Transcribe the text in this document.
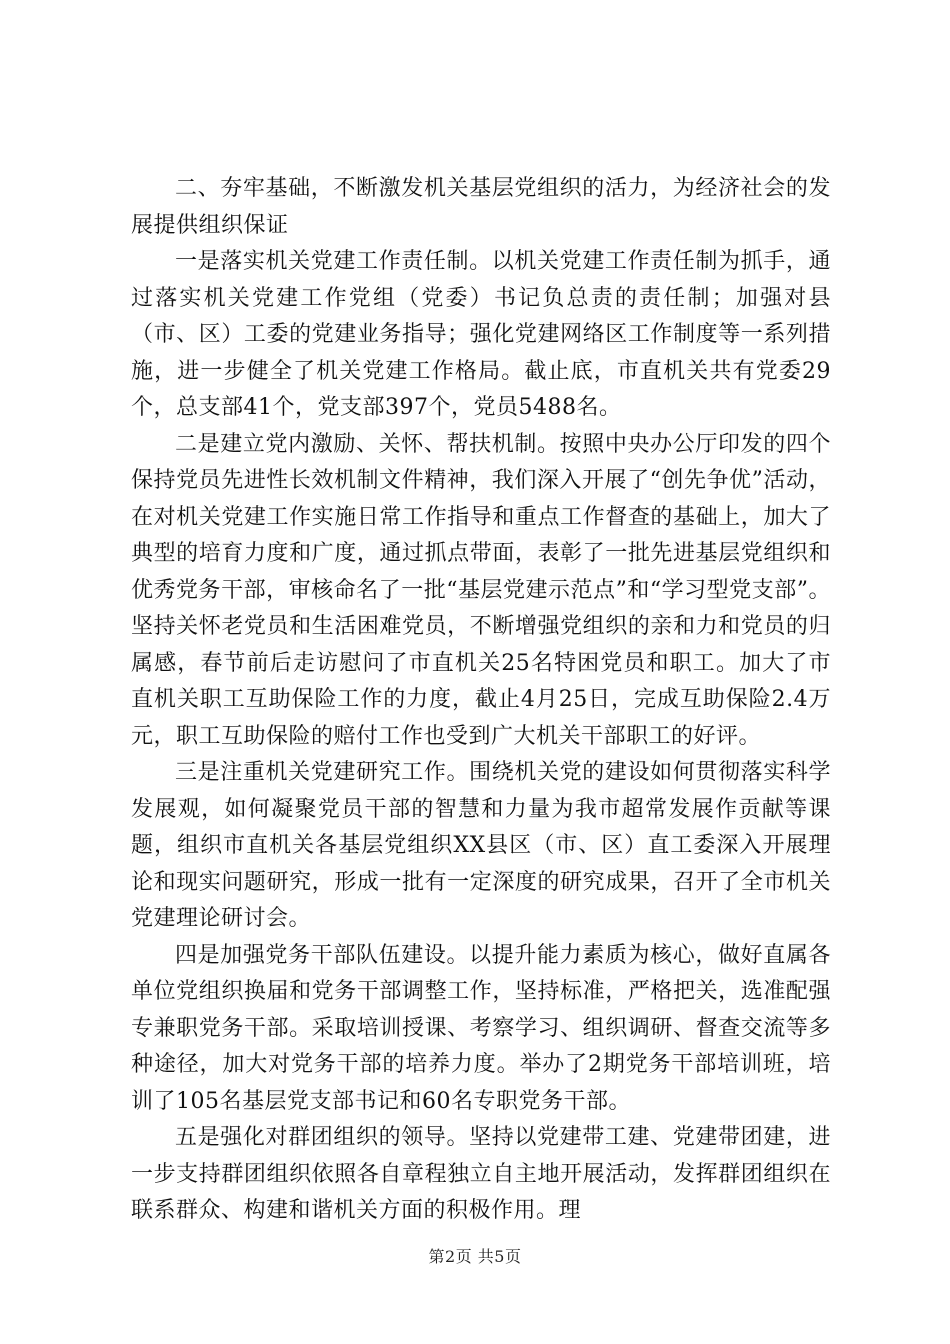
二、夯牢基础，不断激发机关基层党组织的活力，为经济社会的发展提供组织保证

一是落实机关党建工作责任制。以机关党建工作责任制为抓手，通过落实机关党建工作党组（党委）书记负总责的责任制；加强对县（市、区）工委的党建业务指导；强化党建网络区工作制度等一系列措施，进一步健全了机关党建工作格局。截止底，市直机关共有党委29个，总支部41个，党支部397个，党员5488名。

二是建立党内激励、关怀、帮扶机制。按照中央办公厅印发的四个保持党员先进性长效机制文件精神，我们深入开展了“创先争优”活动，在对机关党建工作实施日常工作指导和重点工作督查的基础上，加大了典型的培育力度和广度，通过抓点带面，表彰了一批先进基层党组织和优秀党务干部，审核命名了一批“基层党建示范点”和“学习型党支部”。坚持关怀老党员和生活困难党员，不断增强党组织的亲和力和党员的归属感，春节前后走访慰问了市直机关25名特困党员和职工。加大了市直机关职工互助保险工作的力度，截止4月25日，完成互助保险2.4万元，职工互助保险的赔付工作也受到广大机关干部职工的好评。

三是注重机关党建研究工作。围绕机关党的建设如何贯彻落实科学发展观，如何凝聚党员干部的智慧和力量为我市超常发展作贡献等课题，组织市直机关各基层党组织XX县区（市、区）直工委深入开展理论和现实问题研究，形成一批有一定深度的研究成果，召开了全市机关党建理论研讨会。

四是加强党务干部队伍建设。以提升能力素质为核心，做好直属各单位党组织换届和党务干部调整工作，坚持标准，严格把关，选准配强专兼职党务干部。采取培训授课、考察学习、组织调研、督查交流等多种途径，加大对党务干部的培养力度。举办了2期党务干部培训班，培训了105名基层党支部书记和60名专职党务干部。

五是强化对群团组织的领导。坚持以党建带工建、党建带团建，进一步支持群团组织依照各自章程独立自主地开展活动，发挥群团组织在联系群众、构建和谐机关方面的积极作用。理

第2页 共5页
